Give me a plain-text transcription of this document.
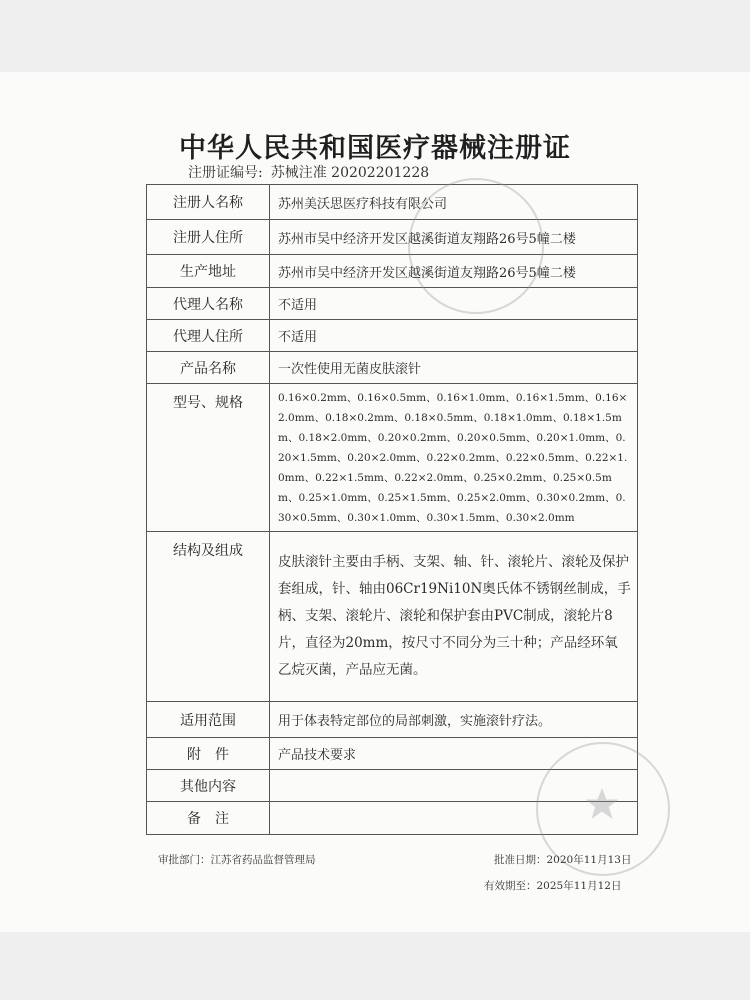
中华人民共和国医疗器械注册证
注册证编号: 苏械注准 20202201228
注册人名称	苏州美沃思医疗科技有限公司
注册人住所	苏州市吴中经济开发区越溪街道友翔路26号5幢二楼
生产地址	苏州市吴中经济开发区越溪街道友翔路26号5幢二楼
代理人名称	不适用
代理人住所	不适用
产品名称	一次性使用无菌皮肤滚针
型号、规格	0.16×0.2mm、0.16×0.5mm、0.16×1.0mm、0.16×1.5mm、0.16×2.0mm、0.18×0.2mm、0.18×0.5mm、0.18×1.0mm、0.18×1.5mm、0.18×2.0mm、0.20×0.2mm、0.20×0.5mm、0.20×1.0mm、0.20×1.5mm、0.20×2.0mm、0.22×0.2mm、0.22×0.5mm、0.22×1.0mm、0.22×1.5mm、0.22×2.0mm、0.25×0.2mm、0.25×0.5mm、0.25×1.0mm、0.25×1.5mm、0.25×2.0mm、0.30×0.2mm、0.30×0.5mm、0.30×1.0mm、0.30×1.5mm、0.30×2.0mm
结构及组成	皮肤滚针主要由手柄、支架、轴、针、滚轮片、滚轮及保护套组成，针、轴由06Cr19Ni10N奥氏体不锈钢丝制成，手柄、支架、滚轮片、滚轮和保护套由PVC制成，滚轮片8片，直径为20mm，按尺寸不同分为三十种；产品经环氧乙烷灭菌，产品应无菌。
适用范围	用于体表特定部位的局部刺激，实施滚针疗法。
附　件	产品技术要求
其他内容	
备　注	
审批部门：江苏省药品监督管理局	批准日期：2020年11月13日
有效期至：2025年11月12日
